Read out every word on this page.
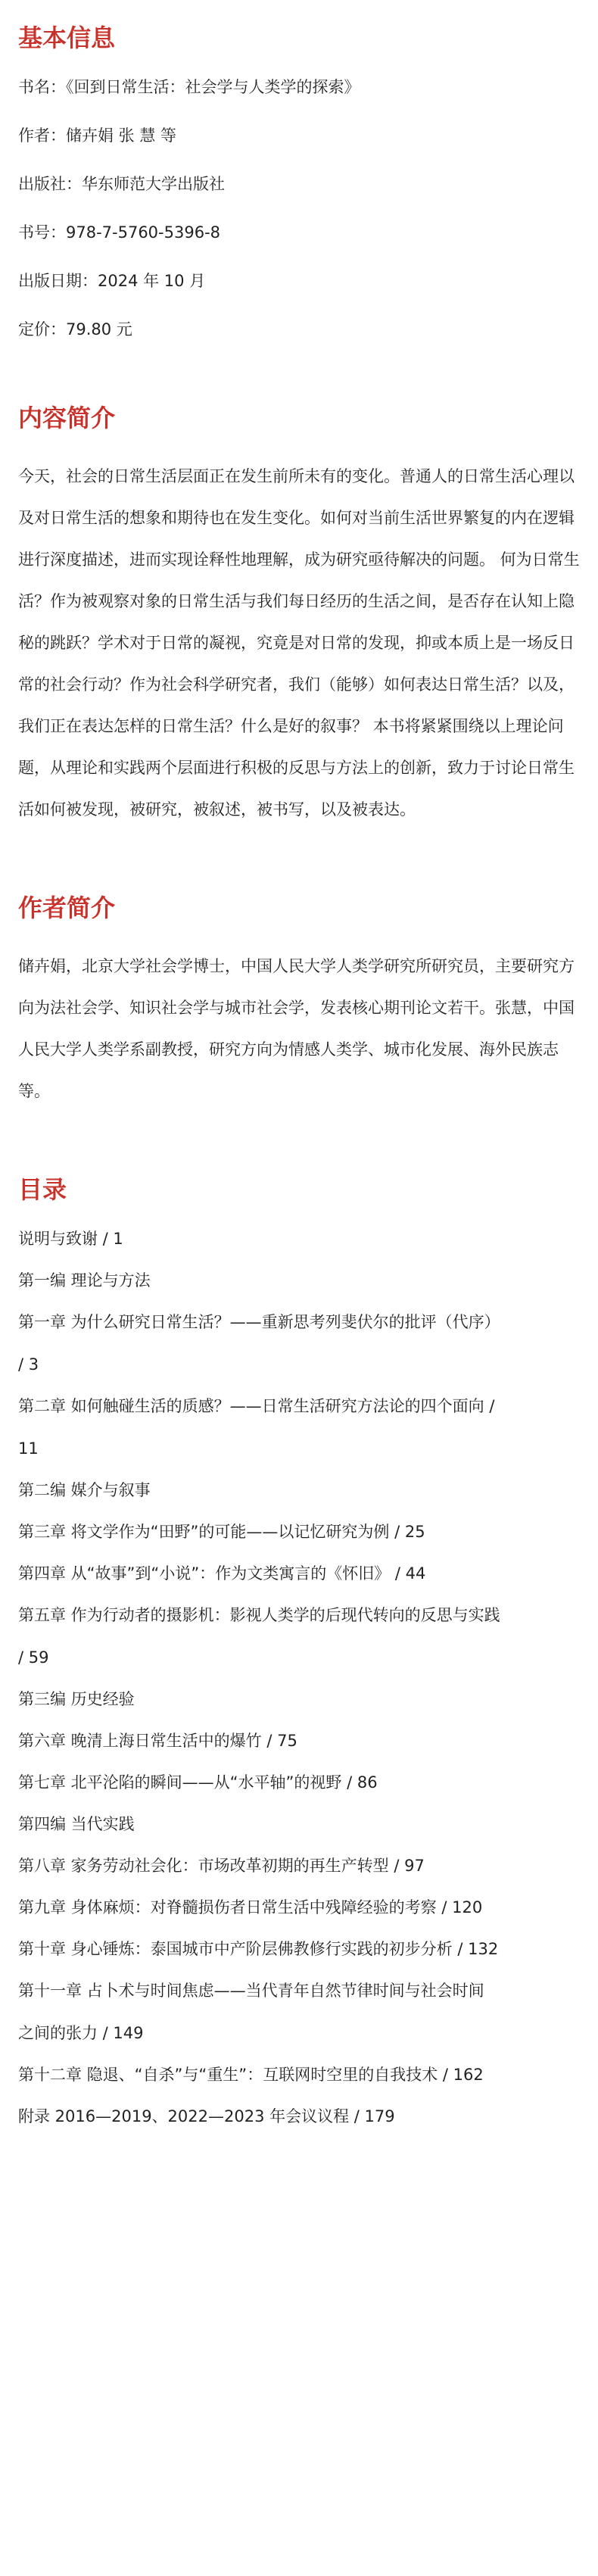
基本信息

书名：《回到日常生活：社会学与人类学的探索》

作者：储卉娟 张 慧 等

出版社：华东师范大学出版社

书号：978-7-5760-5396-8

出版日期：2024 年 10 月

定价：79.80 元

内容简介

今天，社会的日常生活层面正在发生前所未有的变化。普通人的日常生活心理以及对日常生活的想象和期待也在发生变化。如何对当前生活世界繁复的内在逻辑进行深度描述，进而实现诠释性地理解，成为研究亟待解决的问题。 何为日常生活？作为被观察对象的日常生活与我们每日经历的生活之间，是否存在认知上隐秘的跳跃？学术对于日常的凝视，究竟是对日常的发现，抑或本质上是一场反日常的社会行动？作为社会科学研究者，我们（能够）如何表达日常生活？以及，我们正在表达怎样的日常生活？什么是好的叙事？ 本书将紧紧围绕以上理论问题，从理论和实践两个层面进行积极的反思与方法上的创新，致力于讨论日常生活如何被发现，被研究，被叙述，被书写，以及被表达。

作者简介

储卉娟，北京大学社会学博士，中国人民大学人类学研究所研究员，主要研究方向为法社会学、知识社会学与城市社会学，发表核心期刊论文若干。张慧，中国人民大学人类学系副教授，研究方向为情感人类学、城市化发展、海外民族志等。

目录

说明与致谢 / 1

第一编 理论与方法

第一章 为什么研究日常生活？——重新思考列斐伏尔的批评（代序）

/ 3

第二章 如何触碰生活的质感？——日常生活研究方法论的四个面向 /

11

第二编 媒介与叙事

第三章 将文学作为“田野”的可能——以记忆研究为例 / 25

第四章 从“故事”到“小说”：作为文类寓言的《怀旧》 / 44

第五章 作为行动者的摄影机：影视人类学的后现代转向的反思与实践

/ 59

第三编 历史经验

第六章 晚清上海日常生活中的爆竹 / 75

第七章 北平沦陷的瞬间——从“水平轴”的视野 / 86

第四编 当代实践

第八章 家务劳动社会化：市场改革初期的再生产转型 / 97

第九章 身体麻烦：对脊髓损伤者日常生活中残障经验的考察 / 120

第十章 身心锤炼：泰国城市中产阶层佛教修行实践的初步分析 / 132

第十一章 占卜术与时间焦虑——当代青年自然节律时间与社会时间

之间的张力 / 149

第十二章 隐退、“自杀”与“重生”：互联网时空里的自我技术 / 162

附录 2016—2019、2022—2023 年会议议程 / 179
